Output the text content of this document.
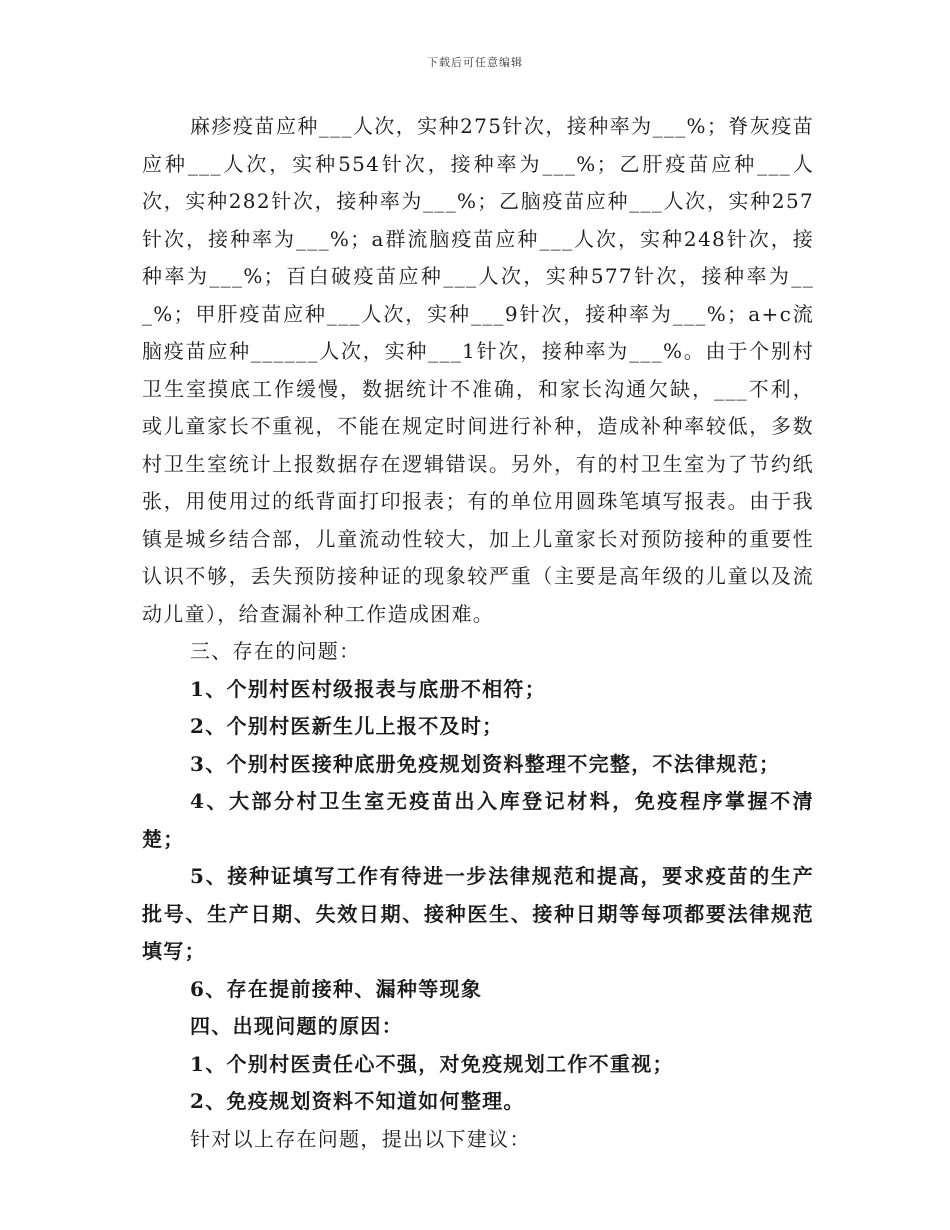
下载后可任意编辑

麻疹疫苗应种___人次，实种275针次，接种率为___%；脊灰疫苗应种___人次，实种554针次，接种率为___%；乙肝疫苗应种___人次，实种282针次，接种率为___%；乙脑疫苗应种___人次，实种257针次，接种率为___%；a群流脑疫苗应种___人次，实种248针次，接种率为___%；百白破疫苗应种___人次，实种577针次，接种率为___%；甲肝疫苗应种___人次，实种___9针次，接种率为___%；a+c流脑疫苗应种______人次，实种___1针次，接种率为___%。由于个别村卫生室摸底工作缓慢，数据统计不准确，和家长沟通欠缺，___不利，或儿童家长不重视，不能在规定时间进行补种，造成补种率较低，多数村卫生室统计上报数据存在逻辑错误。另外，有的村卫生室为了节约纸张，用使用过的纸背面打印报表；有的单位用圆珠笔填写报表。由于我镇是城乡结合部，儿童流动性较大，加上儿童家长对预防接种的重要性认识不够，丢失预防接种证的现象较严重（主要是高年级的儿童以及流动儿童），给查漏补种工作造成困难。

三、存在的问题：

1、个别村医村级报表与底册不相符；

2、个别村医新生儿上报不及时；

3、个别村医接种底册免疫规划资料整理不完整，不法律规范；

4、大部分村卫生室无疫苗出入库登记材料，免疫程序掌握不清楚；

5、接种证填写工作有待进一步法律规范和提高，要求疫苗的生产批号、生产日期、失效日期、接种医生、接种日期等每项都要法律规范填写；

6、存在提前接种、漏种等现象

四、出现问题的原因：

1、个别村医责任心不强，对免疫规划工作不重视；

2、免疫规划资料不知道如何整理。

针对以上存在问题，提出以下建议：
